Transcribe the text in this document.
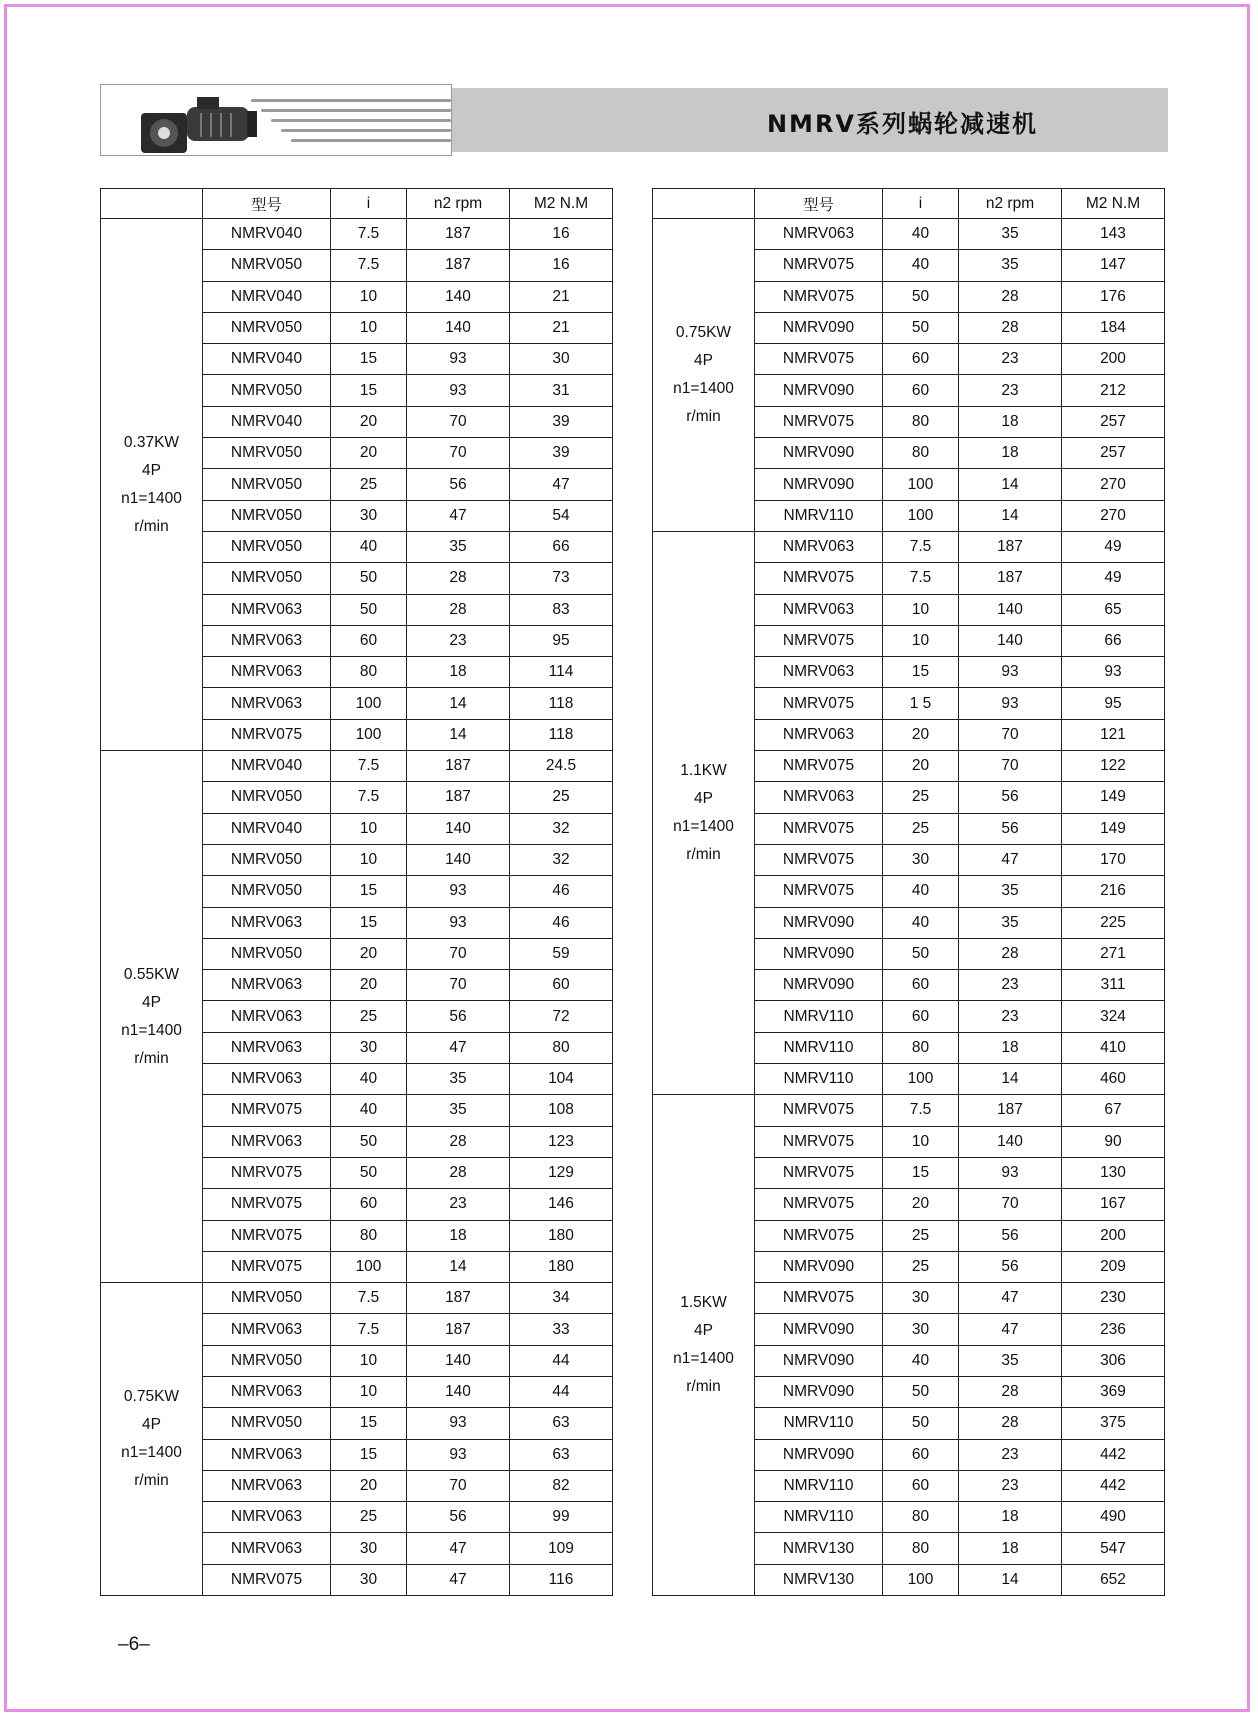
NMRV系列蜗轮减速机
	型号	i	n2 rpm	M2 N.M

0.37KW
4P
n1=1400
r/min	NMRV040	7.5	187	16
	NMRV050	7.5	187	16
	NMRV040	10	140	21
	NMRV050	10	140	21
	NMRV040	15	93	30
	NMRV050	15	93	31
	NMRV040	20	70	39
	NMRV050	20	70	39
	NMRV050	25	56	47
	NMRV050	30	47	54
	NMRV050	40	35	66
	NMRV050	50	28	73
	NMRV063	50	28	83
	NMRV063	60	23	95
	NMRV063	80	18	114
	NMRV063	100	14	118
	NMRV075	100	14	118

0.55KW
4P
n1=1400
r/min	NMRV040	7.5	187	24.5
	NMRV050	7.5	187	25
	NMRV040	10	140	32
	NMRV050	10	140	32
	NMRV050	15	93	46
	NMRV063	15	93	46
	NMRV050	20	70	59
	NMRV063	20	70	60
	NMRV063	25	56	72
	NMRV063	30	47	80
	NMRV063	40	35	104
	NMRV075	40	35	108
	NMRV063	50	28	123
	NMRV075	50	28	129
	NMRV075	60	23	146
	NMRV075	80	18	180
	NMRV075	100	14	180

0.75KW
4P
n1=1400
r/min	NMRV050	7.5	187	34
	NMRV063	7.5	187	33
	NMRV050	10	140	44
	NMRV063	10	140	44
	NMRV050	15	93	63
	NMRV063	15	93	63
	NMRV063	20	70	82
	NMRV063	25	56	99
	NMRV063	30	47	109
	NMRV075	30	47	116
	型号	i	n2 rpm	M2 N.M

0.75KW
4P
n1=1400
r/min	NMRV063	40	35	143
	NMRV075	40	35	147
	NMRV075	50	28	176
	NMRV090	50	28	184
	NMRV075	60	23	200
	NMRV090	60	23	212
	NMRV075	80	18	257
	NMRV090	80	18	257
	NMRV090	100	14	270
	NMRV110	100	14	270

1.1KW
4P
n1=1400
r/min	NMRV063	7.5	187	49
	NMRV075	7.5	187	49
	NMRV063	10	140	65
	NMRV075	10	140	66
	NMRV063	15	93	93
	NMRV075	1 5	93	95
	NMRV063	20	70	121
	NMRV075	20	70	122
	NMRV063	25	56	149
	NMRV075	25	56	149
	NMRV075	30	47	170
	NMRV075	40	35	216
	NMRV090	40	35	225
	NMRV090	50	28	271
	NMRV090	60	23	311
	NMRV110	60	23	324
	NMRV110	80	18	410
	NMRV110	100	14	460

1.5KW
4P
n1=1400
r/min	NMRV075	7.5	187	67
	NMRV075	10	140	90
	NMRV075	15	93	130
	NMRV075	20	70	167
	NMRV075	25	56	200
	NMRV090	25	56	209
	NMRV075	30	47	230
	NMRV090	30	47	236
	NMRV090	40	35	306
	NMRV090	50	28	369
	NMRV110	50	28	375
	NMRV090	60	23	442
	NMRV110	60	23	442
	NMRV110	80	18	490
	NMRV130	80	18	547
	NMRV130	100	14	652
–6–
